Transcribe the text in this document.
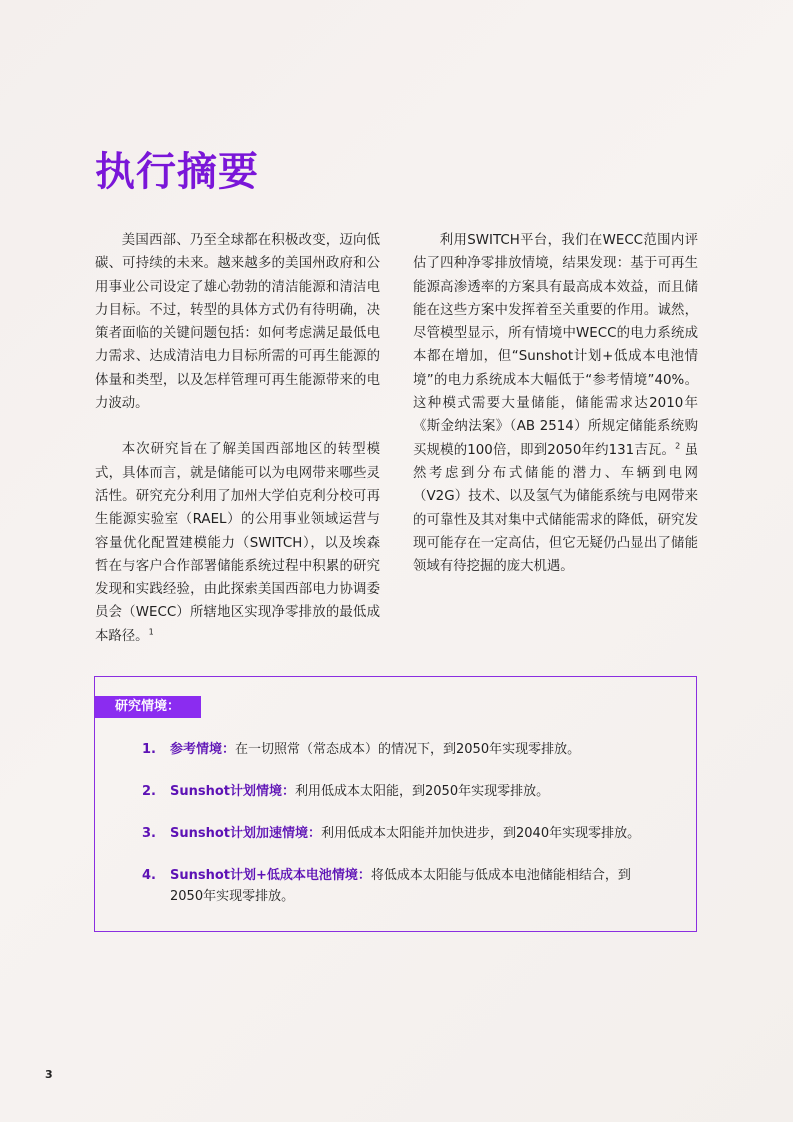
执行摘要

美国西部、乃至全球都在积极改变，迈向低碳、可持续的未来。越来越多的美国州政府和公用事业公司设定了雄心勃勃的清洁能源和清洁电力目标。不过，转型的具体方式仍有待明确，决策者面临的关键问题包括：如何考虑满足最低电力需求、达成清洁电力目标所需的可再生能源的体量和类型，以及怎样管理可再生能源带来的电力波动。

本次研究旨在了解美国西部地区的转型模式，具体而言，就是储能可以为电网带来哪些灵活性。研究充分利用了加州大学伯克利分校可再生能源实验室（RAEL）的公用事业领域运营与容量优化配置建模能力（SWITCH），以及埃森哲在与客户合作部署储能系统过程中积累的研究发现和实践经验，由此探索美国西部电力协调委员会（WECC）所辖地区实现净零排放的最低成本路径。$^1$

利用SWITCH平台，我们在WECC范围内评估了四种净零排放情境，结果发现：基于可再生能源高渗透率的方案具有最高成本效益，而且储能在这些方案中发挥着至关重要的作用。诚然，尽管模型显示，所有情境中WECC的电力系统成本都在增加，但“Sunshot计划+低成本电池情境”的电力系统成本大幅低于“参考情境”40%。这种模式需要大量储能，储能需求达2010年《斯金纳法案》（AB 2514）所规定储能系统购买规模的100倍，即到2050年约131吉瓦。$^2$ 虽然考虑到分布式储能的潜力、车辆到电网（V2G）技术、以及氢气为储能系统与电网带来的可靠性及其对集中式储能需求的降低，研究发现可能存在一定高估，但它无疑仍凸显出了储能领域有待挖掘的庞大机遇。

研究情境：
1. 参考情境：在一切照常（常态成本）的情况下，到2050年实现零排放。
2. Sunshot计划情境：利用低成本太阳能，到2050年实现零排放。
3. Sunshot计划加速情境：利用低成本太阳能并加快进步，到2040年实现零排放。
4. Sunshot计划+低成本电池情境：将低成本太阳能与低成本电池储能相结合，到2050年实现零排放。
3
